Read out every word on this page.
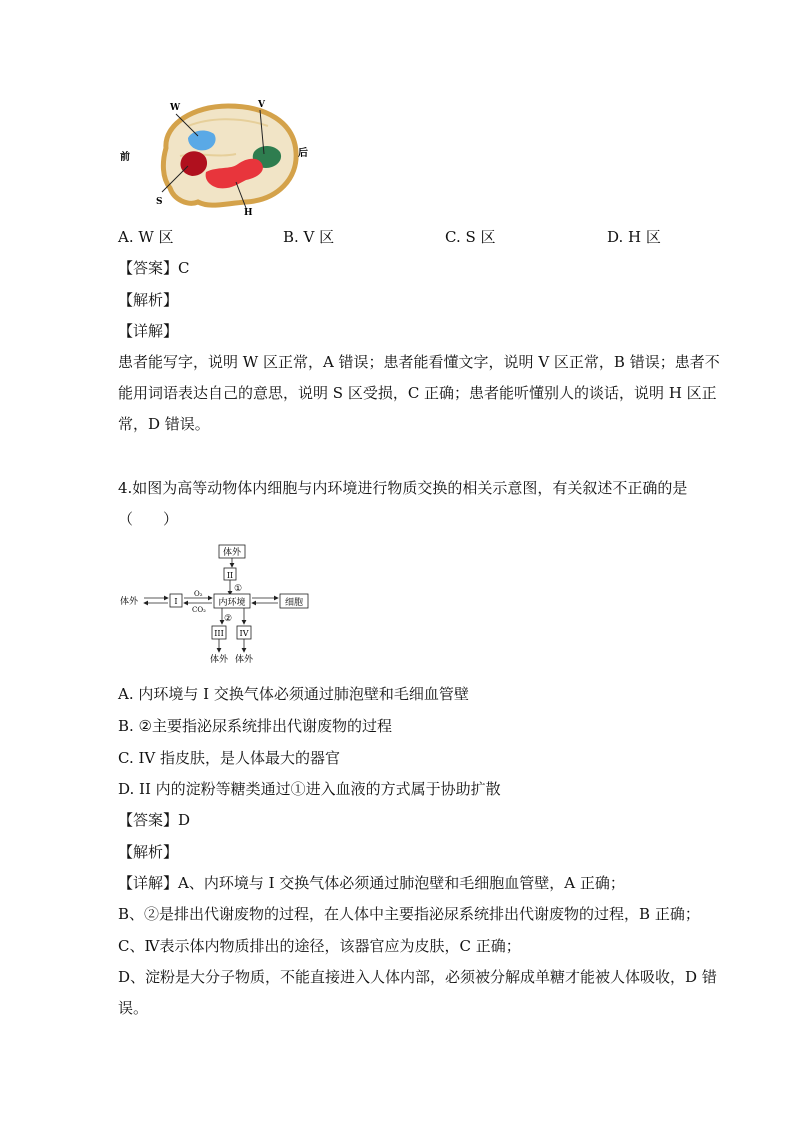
W	V
前	后
S
H
A. W 区	B. V 区	C. S 区	D. H 区
【答案】C
【解析】
【详解】
患者能写字，说明 W 区正常，A 错误；患者能看懂文字，说明 V 区正常，B 错误；患者不
能用词语表达自己的意思，说明 S 区受损，C 正确；患者能听懂别人的谈话，说明 H 区正
常，D 错误。
4.如图为高等动物体内细胞与内环境进行物质交换的相关示意图，有关叙述不正确的是
（　　）
体外
II
①
体外	I
O₂
CO₂
内环境	细胞
②
III
体外
IV
体外
A. 内环境与 I 交换气体必须通过肺泡壁和毛细血管壁
B. ②主要指泌尿系统排出代谢废物的过程
C. IV 指皮肤，是人体最大的器官
D. II 内的淀粉等糖类通过①进入血液的方式属于协助扩散
【答案】D
【解析】
【详解】A、内环境与 I 交换气体必须通过肺泡壁和毛细胞血管壁，A 正确；
B、②是排出代谢废物的过程，在人体中主要指泌尿系统排出代谢废物的过程，B 正确；
C、Ⅳ表示体内物质排出的途径，该器官应为皮肤，C 正确；
D、淀粉是大分子物质，不能直接进入人体内部，必须被分解成单糖才能被人体吸收，D 错
误。
